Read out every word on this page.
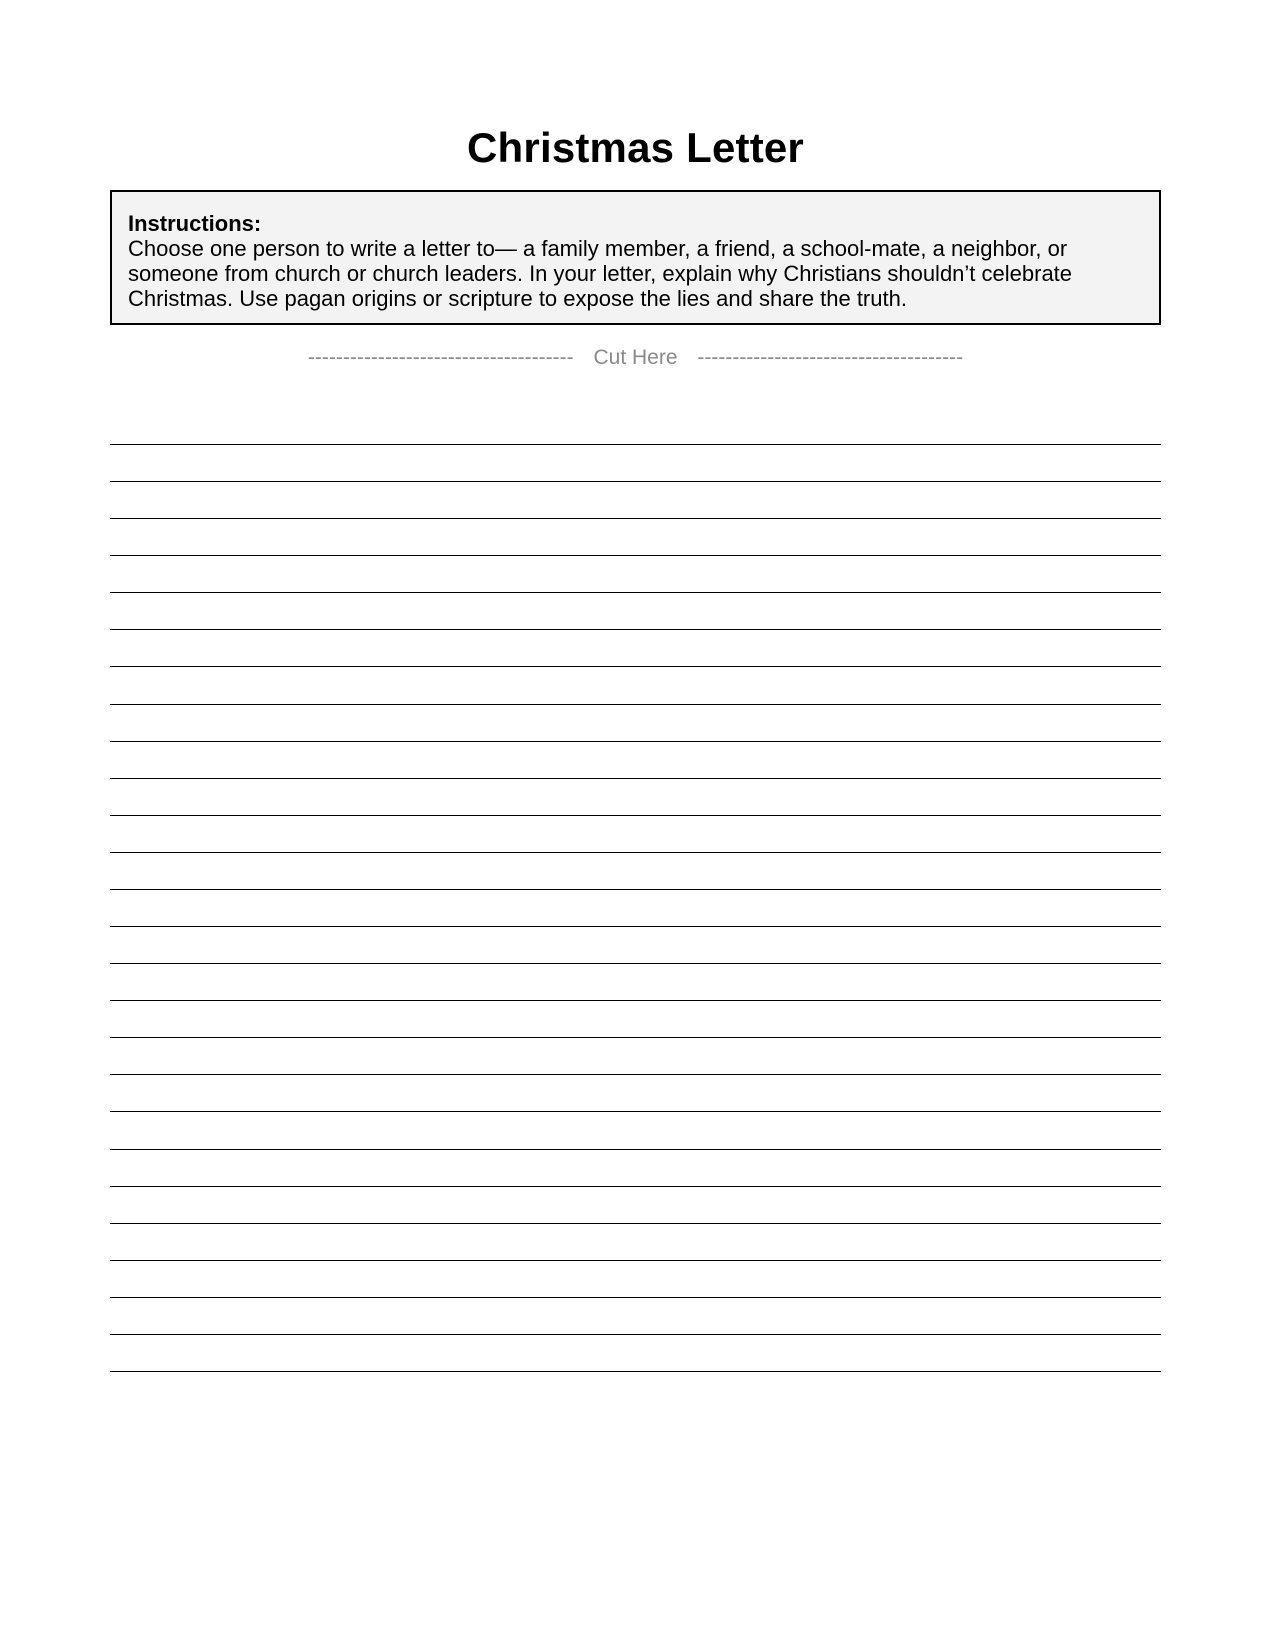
Christmas Letter
Instructions:
Choose one person to write a letter to— a family member, a friend, a school-mate, a neighbor, or
someone from church or church leaders. In your letter, explain why Christians shouldn’t celebrate
Christmas. Use pagan origins or scripture to expose the lies and share the truth.
-------------------------------------- Cut Here --------------------------------------
